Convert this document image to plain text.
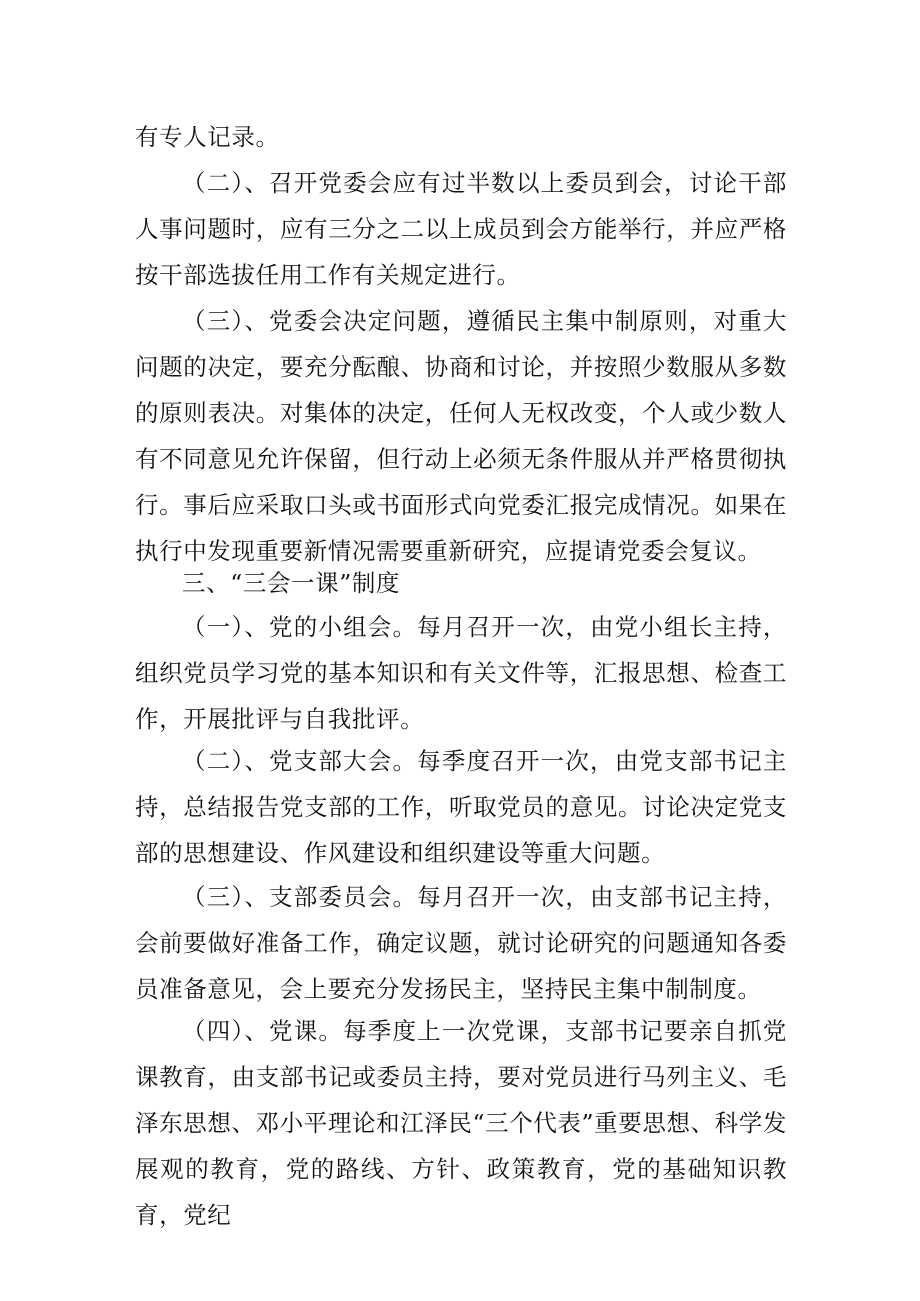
有专人记录。

（二）、召开党委会应有过半数以上委员到会，讨论干部人事问题时，应有三分之二以上成员到会方能举行，并应严格按干部选拔任用工作有关规定进行。

（三）、党委会决定问题，遵循民主集中制原则，对重大问题的决定，要充分酝酿、协商和讨论，并按照少数服从多数的原则表决。对集体的决定，任何人无权改变，个人或少数人有不同意见允许保留，但行动上必须无条件服从并严格贯彻执行。事后应采取口头或书面形式向党委汇报完成情况。如果在执行中发现重要新情况需要重新研究，应提请党委会复议。

三、“三会一课”制度

（一）、党的小组会。每月召开一次，由党小组长主持，组织党员学习党的基本知识和有关文件等，汇报思想、检查工作，开展批评与自我批评。

（二）、党支部大会。每季度召开一次，由党支部书记主持，总结报告党支部的工作，听取党员的意见。讨论决定党支部的思想建设、作风建设和组织建设等重大问题。

（三）、支部委员会。每月召开一次，由支部书记主持，会前要做好准备工作，确定议题，就讨论研究的问题通知各委员准备意见，会上要充分发扬民主，坚持民主集中制制度。

（四）、党课。每季度上一次党课，支部书记要亲自抓党课教育，由支部书记或委员主持，要对党员进行马列主义、毛泽东思想、邓小平理论和江泽民“三个代表”重要思想、科学发展观的教育，党的路线、方针、政策教育，党的基础知识教育，党纪
